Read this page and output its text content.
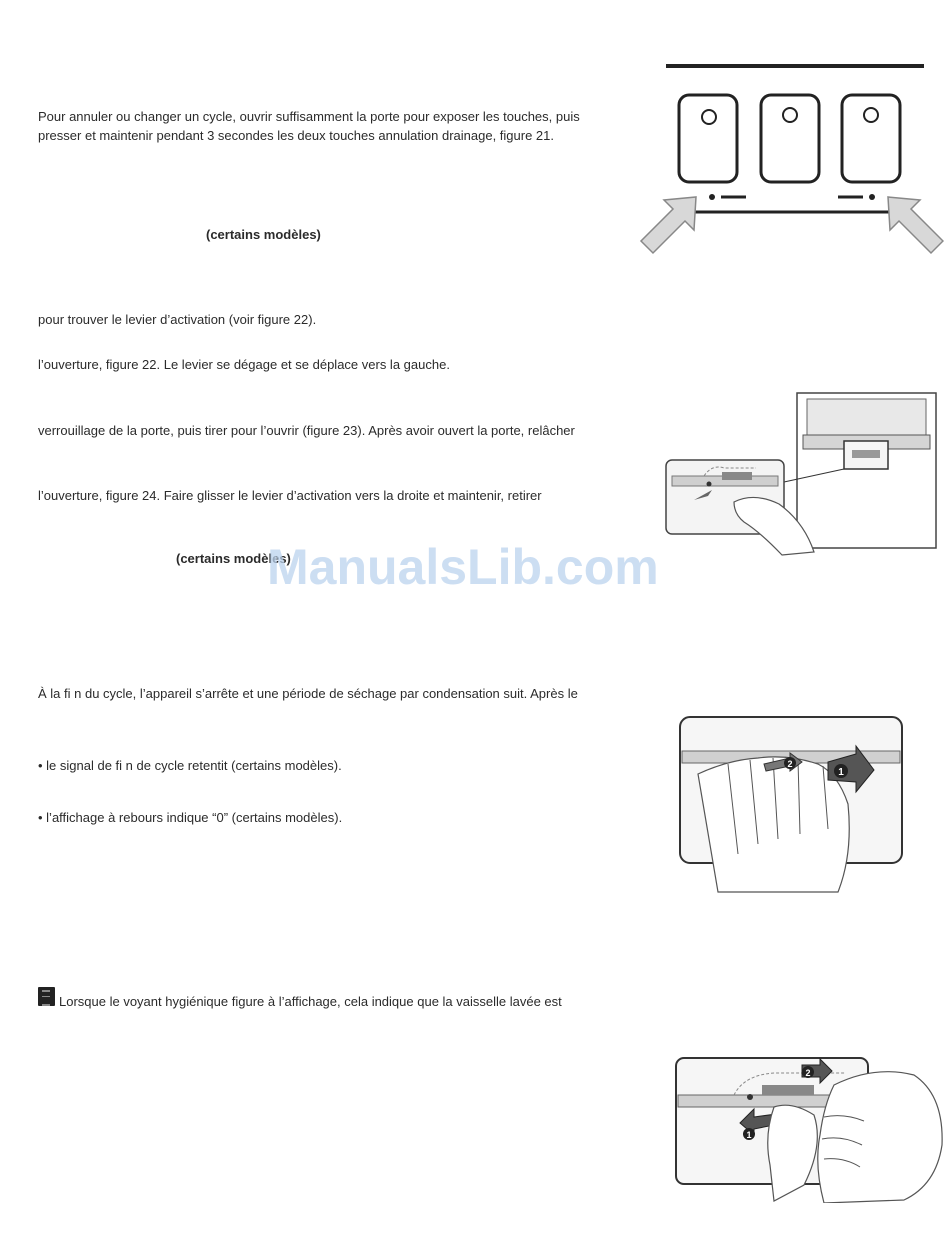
Pour annuler ou changer un cycle, ouvrir suffisamment la porte pour exposer les touches, puis
presser et maintenir pendant 3 secondes les deux touches annulation drainage, figure 21.
(certains modèles)
pour trouver le levier d’activation (voir figure 22).
l’ouverture, figure 22. Le levier se dégage et se déplace vers la gauche.
verrouillage de la porte, puis tirer pour l’ouvrir (figure 23). Après avoir ouvert la porte, relâcher
l’ouverture, figure 24. Faire glisser le levier d’activation vers la droite et maintenir, retirer
(certains modèles)
À la fi n du cycle, l’appareil s’arrête et une période de séchage par condensation suit. Après le
• le signal de fi n de cycle retentit (certains modèles).
• l’affichage à rebours indique “0” (certains modèles).
Lorsque le voyant hygiénique figure à l’affichage, cela indique que la vaisselle lavée est
2
1
1
2
ManualsLib.com
